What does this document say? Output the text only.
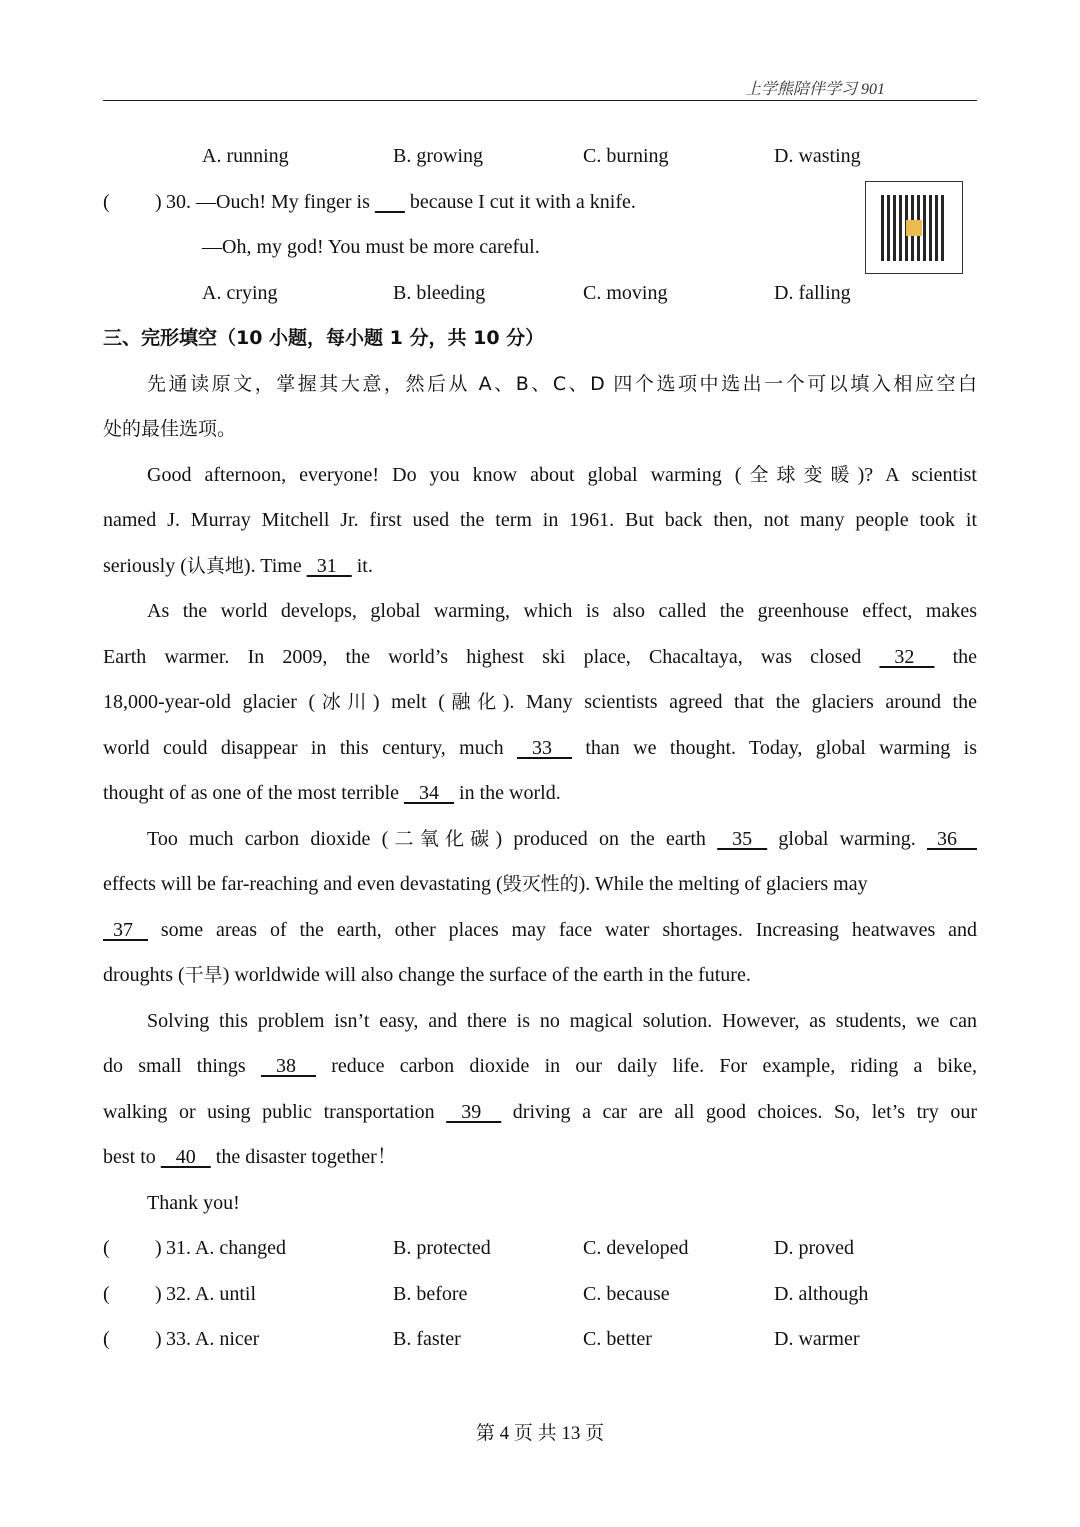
上学熊陪伴学习 901
A. running	B. growing	C. burning	D. wasting
( ) 30. —Ouch! My finger is        because I cut it with a knife.
—Oh, my god! You must be more careful.
A. crying	B. bleeding	C. moving	D. falling
三、完形填空（10 小题，每小题 1 分，共 10 分）
先通读原文，掌握其大意，然后从 A、B、C、D 四个选项中选出一个可以填入相应空白
处的最佳选项。
Good afternoon, everyone! Do you know about global warming (全球变暖)? A scientist
named J. Murray Mitchell Jr. first used the term in 1961. But back then, not many people took it
seriously (认真地). Time   31    it.
As the world develops, global warming, which is also called the greenhouse effect, makes
Earth warmer. In 2009, the world’s highest ski place, Chacaltaya, was closed    32     the
18,000-year-old glacier (冰川) melt (融化). Many scientists agreed that the glaciers around the
world could disappear in this century, much    33     than we thought. Today, global warming is
thought of as one of the most terrible    34    in the world.
Too much carbon dioxide (二氧化碳) produced on the earth    35    global warming.   36
effects will be far-reaching and even devastating (毁灭性的). While the melting of glaciers may
37    some areas of the earth, other places may face water shortages. Increasing heatwaves and
droughts (干旱) worldwide will also change the surface of the earth in the future.
Solving this problem isn’t easy, and there is no magical solution. However, as students, we can
do small things    38     reduce carbon dioxide in our daily life. For example, riding a bike,
walking or using public transportation    39     driving a car are all good choices. So, let’s try our
best to    40    the disaster together！
Thank you!
( ) 31. A. changed	B. protected	C. developed	D. proved
( ) 32. A. until	B. before	C. because	D. although
( ) 33. A. nicer	B. faster	C. better	D. warmer
第 4 页 共 13 页
